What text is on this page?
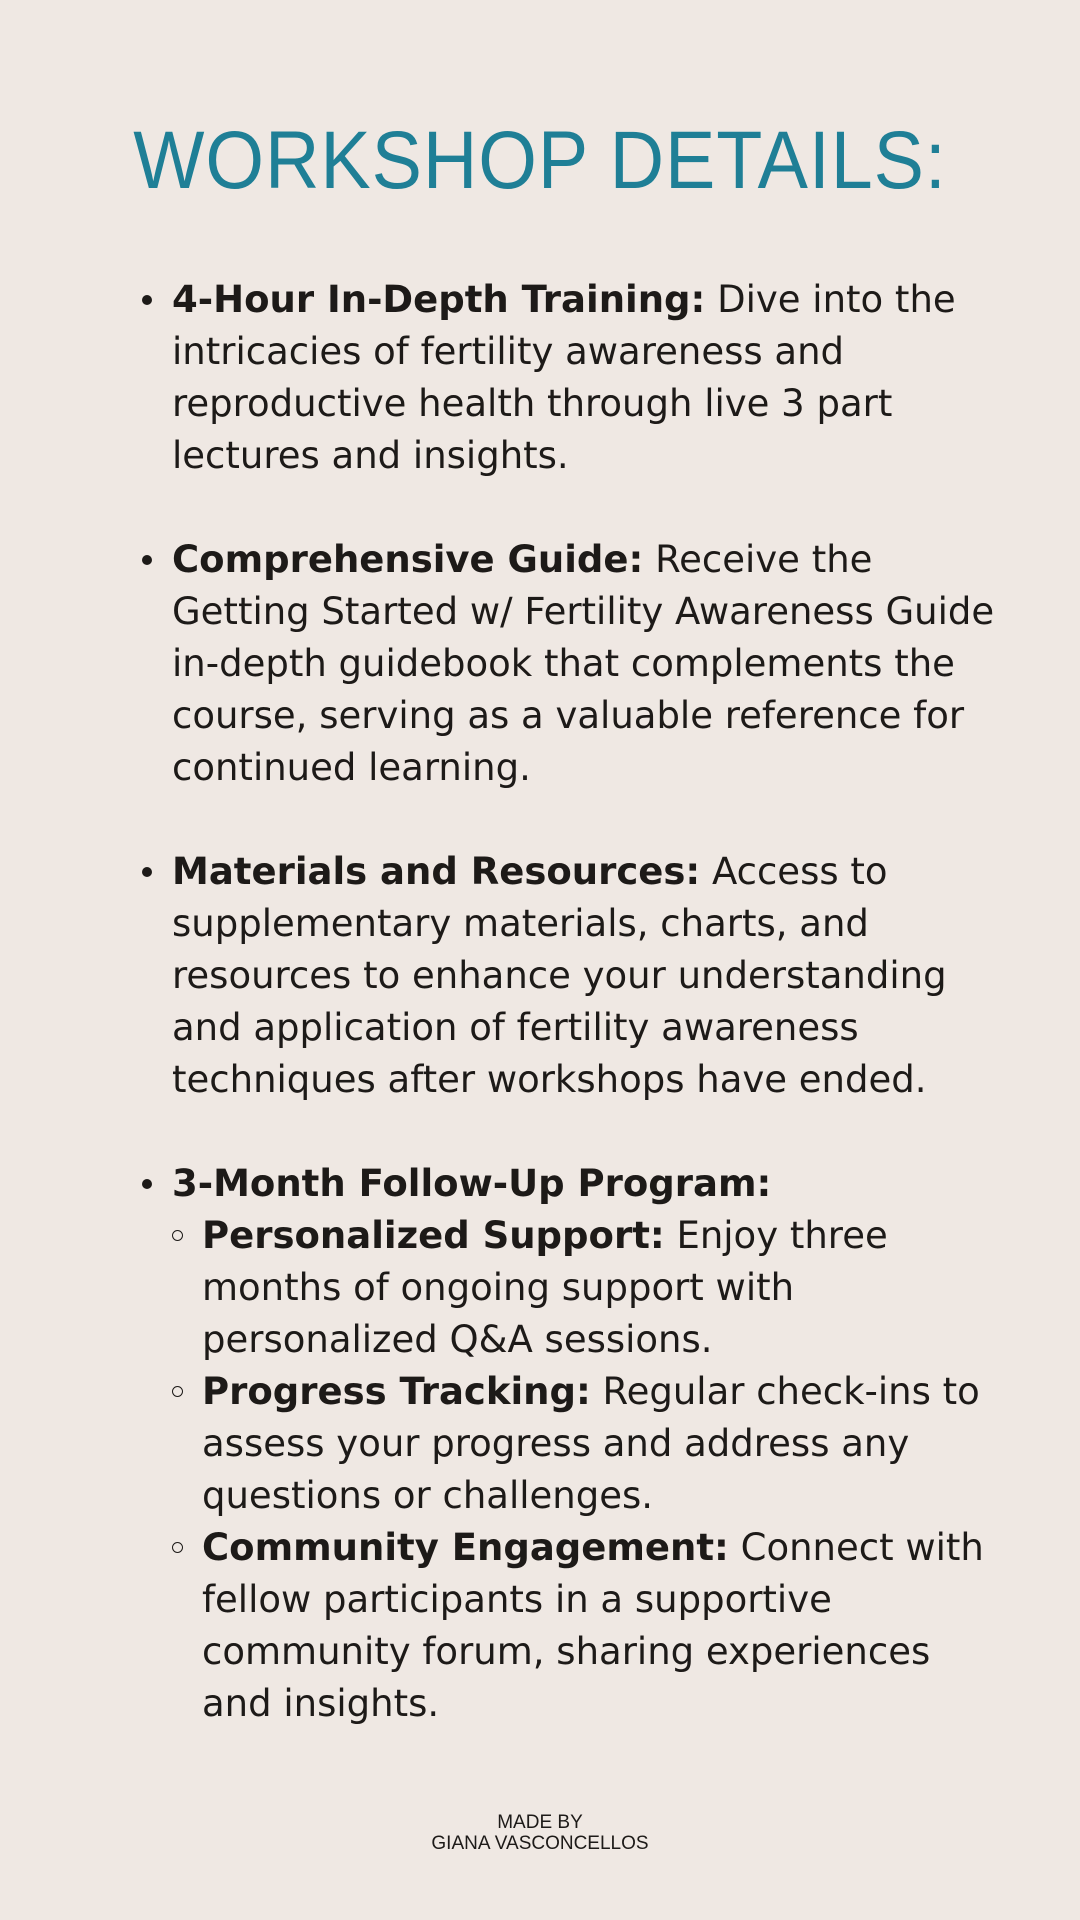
WORKSHOP DETAILS:
4-Hour In-Depth Training: Dive into the intricacies of fertility awareness and reproductive health through live 3 part lectures and insights.
Comprehensive Guide: Receive the Getting Started w/ Fertility Awareness Guide in-depth guidebook that complements the course, serving as a valuable reference for continued learning.
Materials and Resources: Access to supplementary materials, charts, and resources to enhance your understanding and application of fertility awareness techniques after workshops have ended.
3-Month Follow-Up Program:
Personalized Support: Enjoy three months of ongoing support with personalized Q&A sessions.
Progress Tracking: Regular check-ins to assess your progress and address any questions or challenges.
Community Engagement: Connect with fellow participants in a supportive community forum, sharing experiences and insights.
MADE BY
GIANA VASCONCELLOS
